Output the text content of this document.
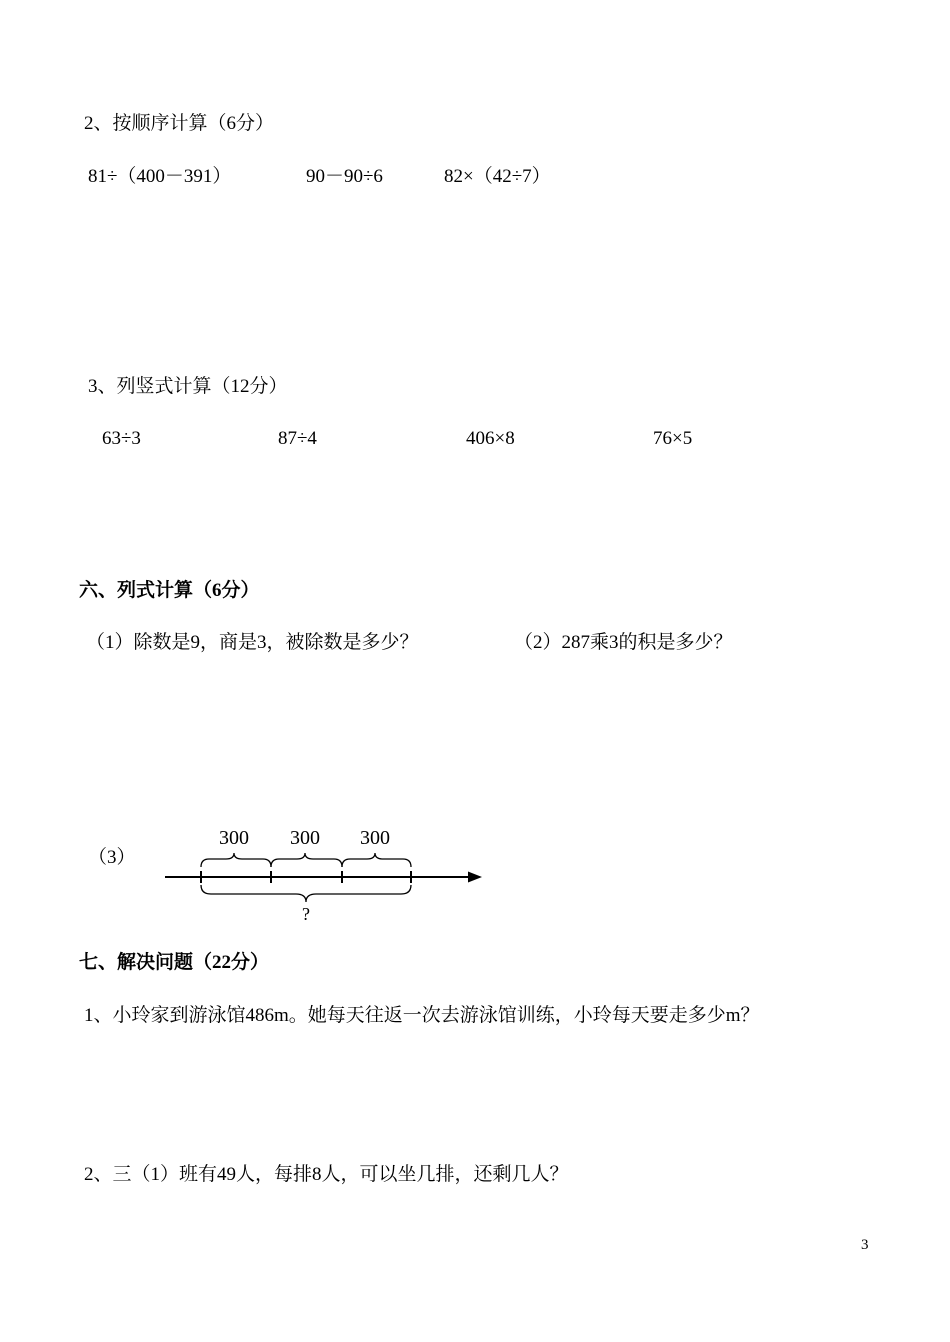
2、按顺序计算（6分）
81÷（400－391）	90－90÷6	82×（42÷7）
3、列竖式计算（12分）
63÷3	87÷4	406×8	76×5
六、列式计算（6分）
（1）除数是9，商是3，被除数是多少？	（2）287乘3的积是多少？
（3）
300 300 300
?
七、解决问题（22分）
1、小玲家到游泳馆486m。她每天往返一次去游泳馆训练，小玲每天要走多少m？
2、三（1）班有49人，每排8人，可以坐几排，还剩几人？
3
